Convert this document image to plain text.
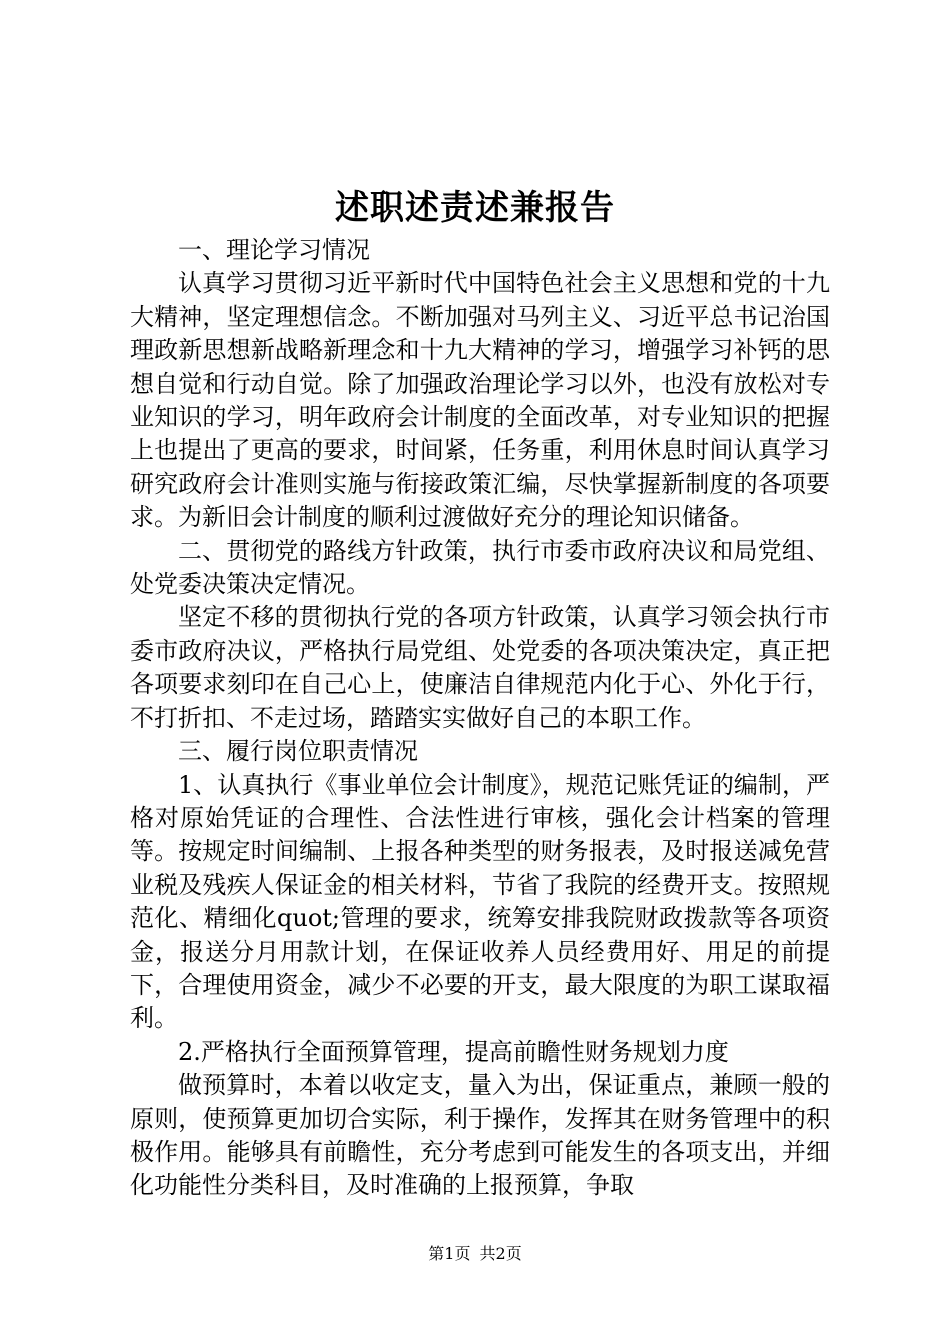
述职述责述兼报告

一、理论学习情况

认真学习贯彻习近平新时代中国特色社会主义思想和党的十九大精神，坚定理想信念。不断加强对马列主义、习近平总书记治国理政新思想新战略新理念和十九大精神的学习，增强学习补钙的思想自觉和行动自觉。除了加强政治理论学习以外，也没有放松对专业知识的学习，明年政府会计制度的全面改革，对专业知识的把握上也提出了更高的要求，时间紧，任务重，利用休息时间认真学习研究政府会计准则实施与衔接政策汇编，尽快掌握新制度的各项要求。为新旧会计制度的顺利过渡做好充分的理论知识储备。

二、贯彻党的路线方针政策，执行市委市政府决议和局党组、处党委决策决定情况。

坚定不移的贯彻执行党的各项方针政策，认真学习领会执行市委市政府决议，严格执行局党组、处党委的各项决策决定，真正把各项要求刻印在自己心上，使廉洁自律规范内化于心、外化于行，不打折扣、不走过场，踏踏实实做好自己的本职工作。

三、履行岗位职责情况

1、认真执行《事业单位会计制度》，规范记账凭证的编制，严格对原始凭证的合理性、合法性进行审核，强化会计档案的管理等。按规定时间编制、上报各种类型的财务报表，及时报送减免营业税及残疾人保证金的相关材料，节省了我院的经费开支。按照规范化、精细化quot;管理的要求，统筹安排我院财政拨款等各项资金，报送分月用款计划，在保证收养人员经费用好、用足的前提下，合理使用资金，减少不必要的开支，最大限度的为职工谋取福利。

2.严格执行全面预算管理，提高前瞻性财务规划力度

做预算时，本着以收定支，量入为出，保证重点，兼顾一般的原则，使预算更加切合实际，利于操作，发挥其在财务管理中的积极作用。能够具有前瞻性，充分考虑到可能发生的各项支出，并细化功能性分类科目，及时准确的上报预算，争取

第1页 共2页
